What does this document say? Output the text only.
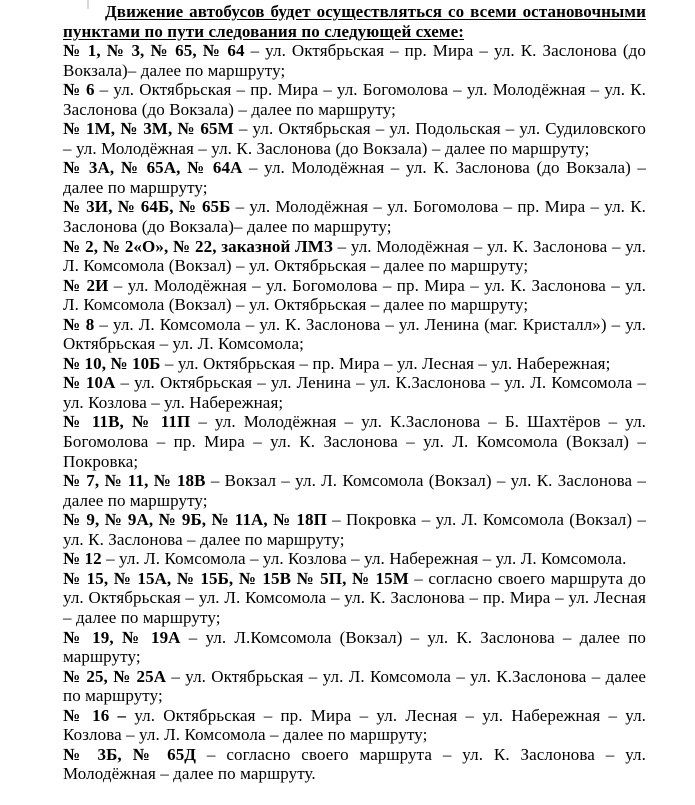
Движение автобусов будет осуществляться со всеми остановочными пунктами по пути следования по следующей схеме:

№ 1, № 3, № 65, № 64 – ул. Октябрьская – пр. Мира – ул. К. Заслонова (до Вокзала)– далее по маршруту;

№ 6 – ул. Октябрьская – пр. Мира – ул. Богомолова – ул. Молодёжная – ул. К. Заслонова (до Вокзала) – далее по маршруту;

№ 1М, № 3М, № 65М – ул. Октябрьская – ул. Подольская – ул. Судиловского – ул. Молодёжная – ул. К. Заслонова (до Вокзала) – далее по маршруту;

№ 3А, № 65А, № 64А – ул. Молодёжная – ул. К. Заслонова (до Вокзала) – далее по маршруту;

№ 3И, № 64Б, № 65Б – ул. Молодёжная – ул. Богомолова – пр. Мира – ул. К. Заслонова (до Вокзала)– далее по маршруту;

№ 2, № 2«О», № 22, заказной ЛМЗ – ул. Молодёжная – ул. К. Заслонова – ул. Л. Комсомола (Вокзал) – ул. Октябрьская – далее по маршруту;

№ 2И – ул. Молодёжная – ул. Богомолова – пр. Мира – ул. К. Заслонова – ул. Л. Комсомола (Вокзал) – ул. Октябрьская – далее по маршруту;

№ 8 – ул. Л. Комсомола – ул. К. Заслонова – ул. Ленина (маг. Кристалл») – ул. Октябрьская – ул. Л. Комсомола;

№ 10, № 10Б – ул. Октябрьская – пр. Мира – ул. Лесная – ул. Набережная;

№ 10А – ул. Октябрьская – ул. Ленина – ул. К.Заслонова – ул. Л. Комсомола – ул. Козлова – ул. Набережная;

№ 11В, № 11П – ул. Молодёжная – ул. К.Заслонова – Б. Шахтёров – ул. Богомолова – пр. Мира – ул. К. Заслонова – ул. Л. Комсомола (Вокзал) – Покровка;

№ 7, № 11, № 18В – Вокзал – ул. Л. Комсомола (Вокзал) – ул. К. Заслонова – далее по маршруту;

№ 9, № 9А, № 9Б, № 11А, № 18П – Покровка – ул. Л. Комсомола (Вокзал) – ул. К. Заслонова – далее по маршруту;

№ 12 – ул. Л. Комсомола – ул. Козлова – ул. Набережная – ул. Л. Комсомола.

№ 15, № 15А, № 15Б, № 15В № 5П, № 15М – согласно своего маршрута до ул. Октябрьская – ул. Л. Комсомола – ул. К. Заслонова – пр. Мира – ул. Лесная – далее по маршруту;

№ 19, № 19А – ул. Л.Комсомола (Вокзал) – ул. К. Заслонова – далее по маршруту;

№ 25, № 25А – ул. Октябрьская – ул. Л. Комсомола – ул. К.Заслонова – далее по маршруту;

№ 16 – ул. Октябрьская – пр. Мира – ул. Лесная – ул. Набережная – ул. Козлова – ул. Л. Комсомола – далее по маршруту;

№ 3Б, № 65Д – согласно своего маршрута – ул. К. Заслонова – ул. Молодёжная – далее по маршруту.
